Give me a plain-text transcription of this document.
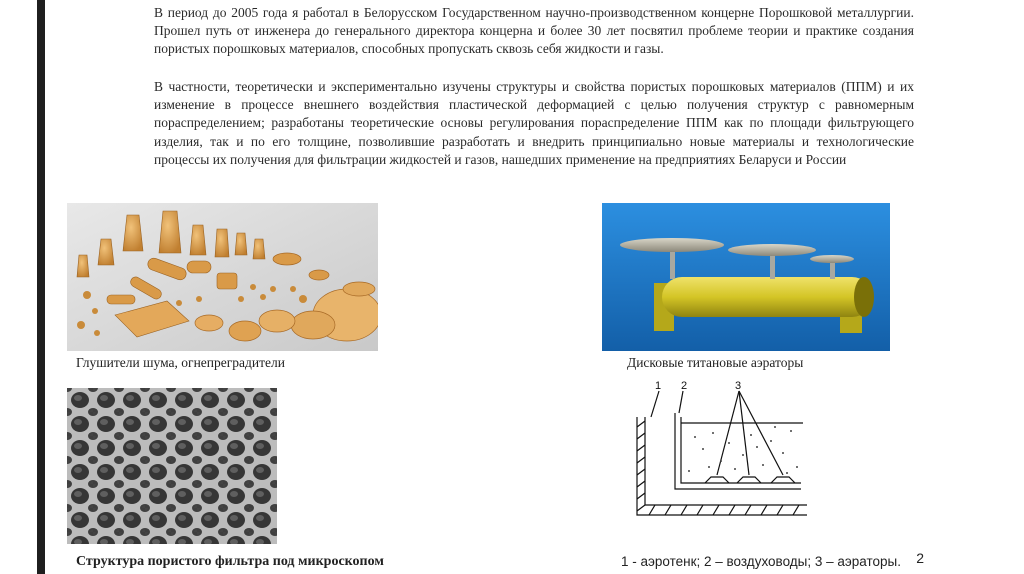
В период до 2005 года я работал в Белорусском Государственном научно-производственном концерне Порошковой металлургии. Прошел путь от инженера до генерального директора концерна и более 30 лет посвятил проблеме теории и практике создания пористых порошковых материалов, способных пропускать сквозь себя жидкости и газы.

В частности, теоретически и экспериментально изучены структуры и свойства пористых порошковых материалов (ППМ) и их изменение в процессе внешнего воздействия пластической деформацией с целью получения структур с равномерным пораспределением; разработаны теоретические основы регулирования пораспределение ППМ как по площади фильтрующего изделия, так и по его толщине, позволившие разработать и внедрить принципиально новые материалы и технологические процессы их получения для фильтрации жидкостей и газов, нашедших применение на предприятиях Беларуси и России

Глушители шума, огнепреградители	Дисковые титановые аэраторы

1 2	3

Структура пористого фильтра под микроскопом	1 - аэротенк; 2 – воздуховоды; 3 – аэраторы. 2
